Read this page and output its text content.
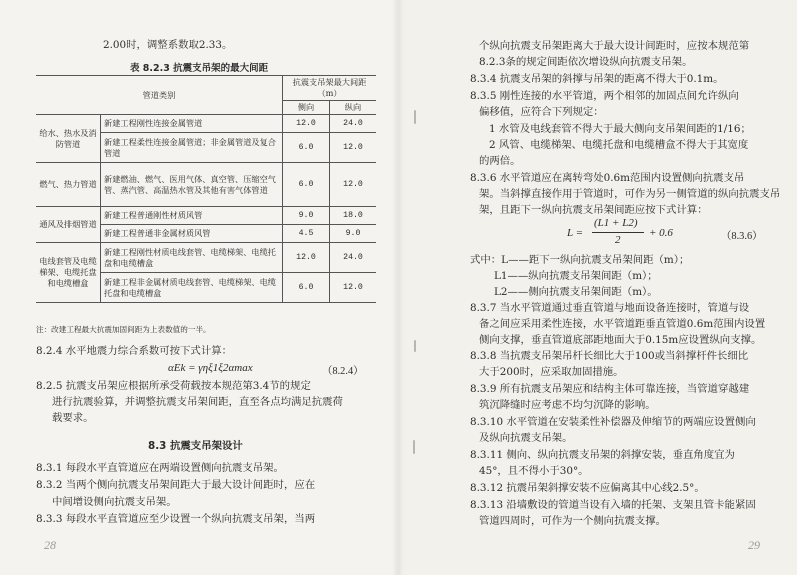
2.00时，调整系数取2.33。
表 8.2.3 抗震支吊架的最大间距
管道类别		抗震支吊架最大间距（m）	
		侧向	纵向
给水、热水及消防管道	新建工程刚性连接金属管道	12.0	24.0
	新建工程柔性连接金属管道；非金属管道及复合管道	6.0	12.0
燃气、热力管道	新建燃油、燃气、医用气体、真空管、压缩空气管、蒸汽管、高温热水管及其他有害气体管道	6.0	12.0
通风及排烟管道	新建工程普通刚性材质风管	9.0	18.0
	新建工程普通非金属材质风管	4.5	9.0
电线套管及电缆梯架、电缆托盘和电缆槽盒	新建工程刚性材质电线套管、电缆梯架、电缆托盘和电缆槽盒	12.0	24.0
	新建工程非金属材质电线套管、电缆梯架、电缆托盘和电缆槽盒	6.0	12.0
注：改建工程最大抗震加固间距为上表数值的一半。
8.2.4 水平地震力综合系数可按下式计算：
αEk = γηξ1ξ2αmax	（8.2.4）
8.2.5 抗震支吊架应根据所承受荷载按本规范第3.4节的规定
进行抗震验算，并调整抗震支吊架间距，直至各点均满足抗震荷
载要求。
8.3 抗震支吊架设计
8.3.1 每段水平直管道应在两端设置侧向抗震支吊架。
8.3.2 当两个侧向抗震支吊架间距大于最大设计间距时，应在
中间增设侧向抗震支吊架。
8.3.3 每段水平直管道应至少设置一个纵向抗震支吊架，当两
28
个纵向抗震支吊架距离大于最大设计间距时，应按本规范第
8.2.3条的规定间距依次增设纵向抗震支吊架。
8.3.4 抗震支吊架的斜撑与吊架的距离不得大于0.1m。
8.3.5 刚性连接的水平管道，两个相邻的加固点间允许纵向
偏移值，应符合下列规定：
1 水管及电线套管不得大于最大侧向支吊架间距的1/16；
2 风管、电缆梯架、电缆托盘和电缆槽盒不得大于其宽度
的两倍。
8.3.6 水平管道应在离转弯处0.6m范围内设置侧向抗震支吊
架。当斜撑直接作用于管道时，可作为另一侧管道的纵向抗震支吊
架，且距下一纵向抗震支吊架间距应按下式计算：
L =
(L1 + L2)
2
+ 0.6	（8.3.6）
式中：L——距下一纵向抗震支吊架间距（m）；
L1——纵向抗震支吊架间距（m）；
L2——侧向抗震支吊架间距（m）。
8.3.7 当水平管道通过垂直管道与地面设备连接时，管道与设
备之间应采用柔性连接，水平管道距垂直管道0.6m范围内设置
侧向支撑，垂直管道底部距地面大于0.15m应设置纵向支撑。
8.3.8 当抗震支吊架吊杆长细比大于100或当斜撑杆件长细比
大于200时，应采取加固措施。
8.3.9 所有抗震支吊架应和结构主体可靠连接，当管道穿越建
筑沉降缝时应考虑不均匀沉降的影响。
8.3.10 水平管道在安装柔性补偿器及伸缩节的两端应设置侧向
及纵向抗震支吊架。
8.3.11 侧向、纵向抗震支吊架的斜撑安装，垂直角度宜为
45°，且不得小于30°。
8.3.12 抗震吊架斜撑安装不应偏离其中心线2.5°。
8.3.13 沿墙敷设的管道当设有入墙的托架、支架且管卡能紧固
管道四周时，可作为一个侧向抗震支撑。
29
